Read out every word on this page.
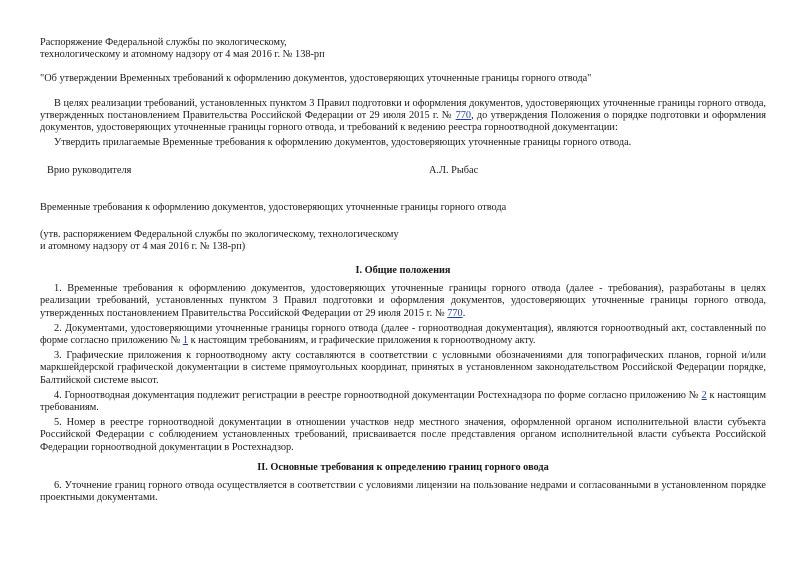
Распоряжение Федеральной службы по экологическому,
технологическому и атомному надзору от 4 мая 2016 г. № 138-рп

"Об утверждении Временных требований к оформлению документов, удостоверяющих уточненные границы горного отвода"

В целях реализации требований, установленных пунктом 3 Правил подготовки и оформления документов, удостоверяющих уточненные границы горного отвода, утвержденных постановлением Правительства Российской Федерации от 29 июля 2015 г. № 770, до утверждения Положения о порядке подготовки и оформления документов, удостоверяющих уточненные границы горного отвода, и требований к ведению реестра горноотводной документации:

Утвердить прилагаемые Временные требования к оформлению документов, удостоверяющих уточненные границы горного отвода.

Врио руководителя	А.Л. Рыбас

Временные требования к оформлению документов, удостоверяющих уточненные границы горного отвода

(утв. распоряжением Федеральной службы по экологическому, технологическому
и атомному надзору от 4 мая 2016 г. № 138-рп)

I. Общие положения

1. Временные требования к оформлению документов, удостоверяющих уточненные границы горного отвода (далее - требования), разработаны в целях реализации требований, установленных пунктом 3 Правил подготовки и оформления документов, удостоверяющих уточненные границы горного отвода, утвержденных постановлением Правительства Российской Федерации от 29 июля 2015 г. № 770.

2. Документами, удостоверяющими уточненные границы горного отвода (далее - горноотводная документация), являются горноотводный акт, составленный по форме согласно приложению № 1 к настоящим требованиям, и графические приложения к горноотводному акту.

3. Графические приложения к горноотводному акту составляются в соответствии с условными обозначениями для топографических планов, горной и/или маркшейдерской графической документации в системе прямоугольных координат, принятых в установленном законодательством Российской Федерации порядке, Балтийской системе высот.

4. Горноотводная документация подлежит регистрации в реестре горноотводной документации Ростехнадзора по форме согласно приложению № 2 к настоящим требованиям.

5. Номер в реестре горноотводной документации в отношении участков недр местного значения, оформленной органом исполнительной власти субъекта Российской Федерации с соблюдением установленных требований, присваивается после представления органом исполнительной власти субъекта Российской Федерации горноотводной документации в Ростехнадзор.

II. Основные требования к определению границ горного овода

6. Уточнение границ горного отвода осуществляется в соответствии с условиями лицензии на пользование недрами и согласованными в установленном порядке проектными документами.
